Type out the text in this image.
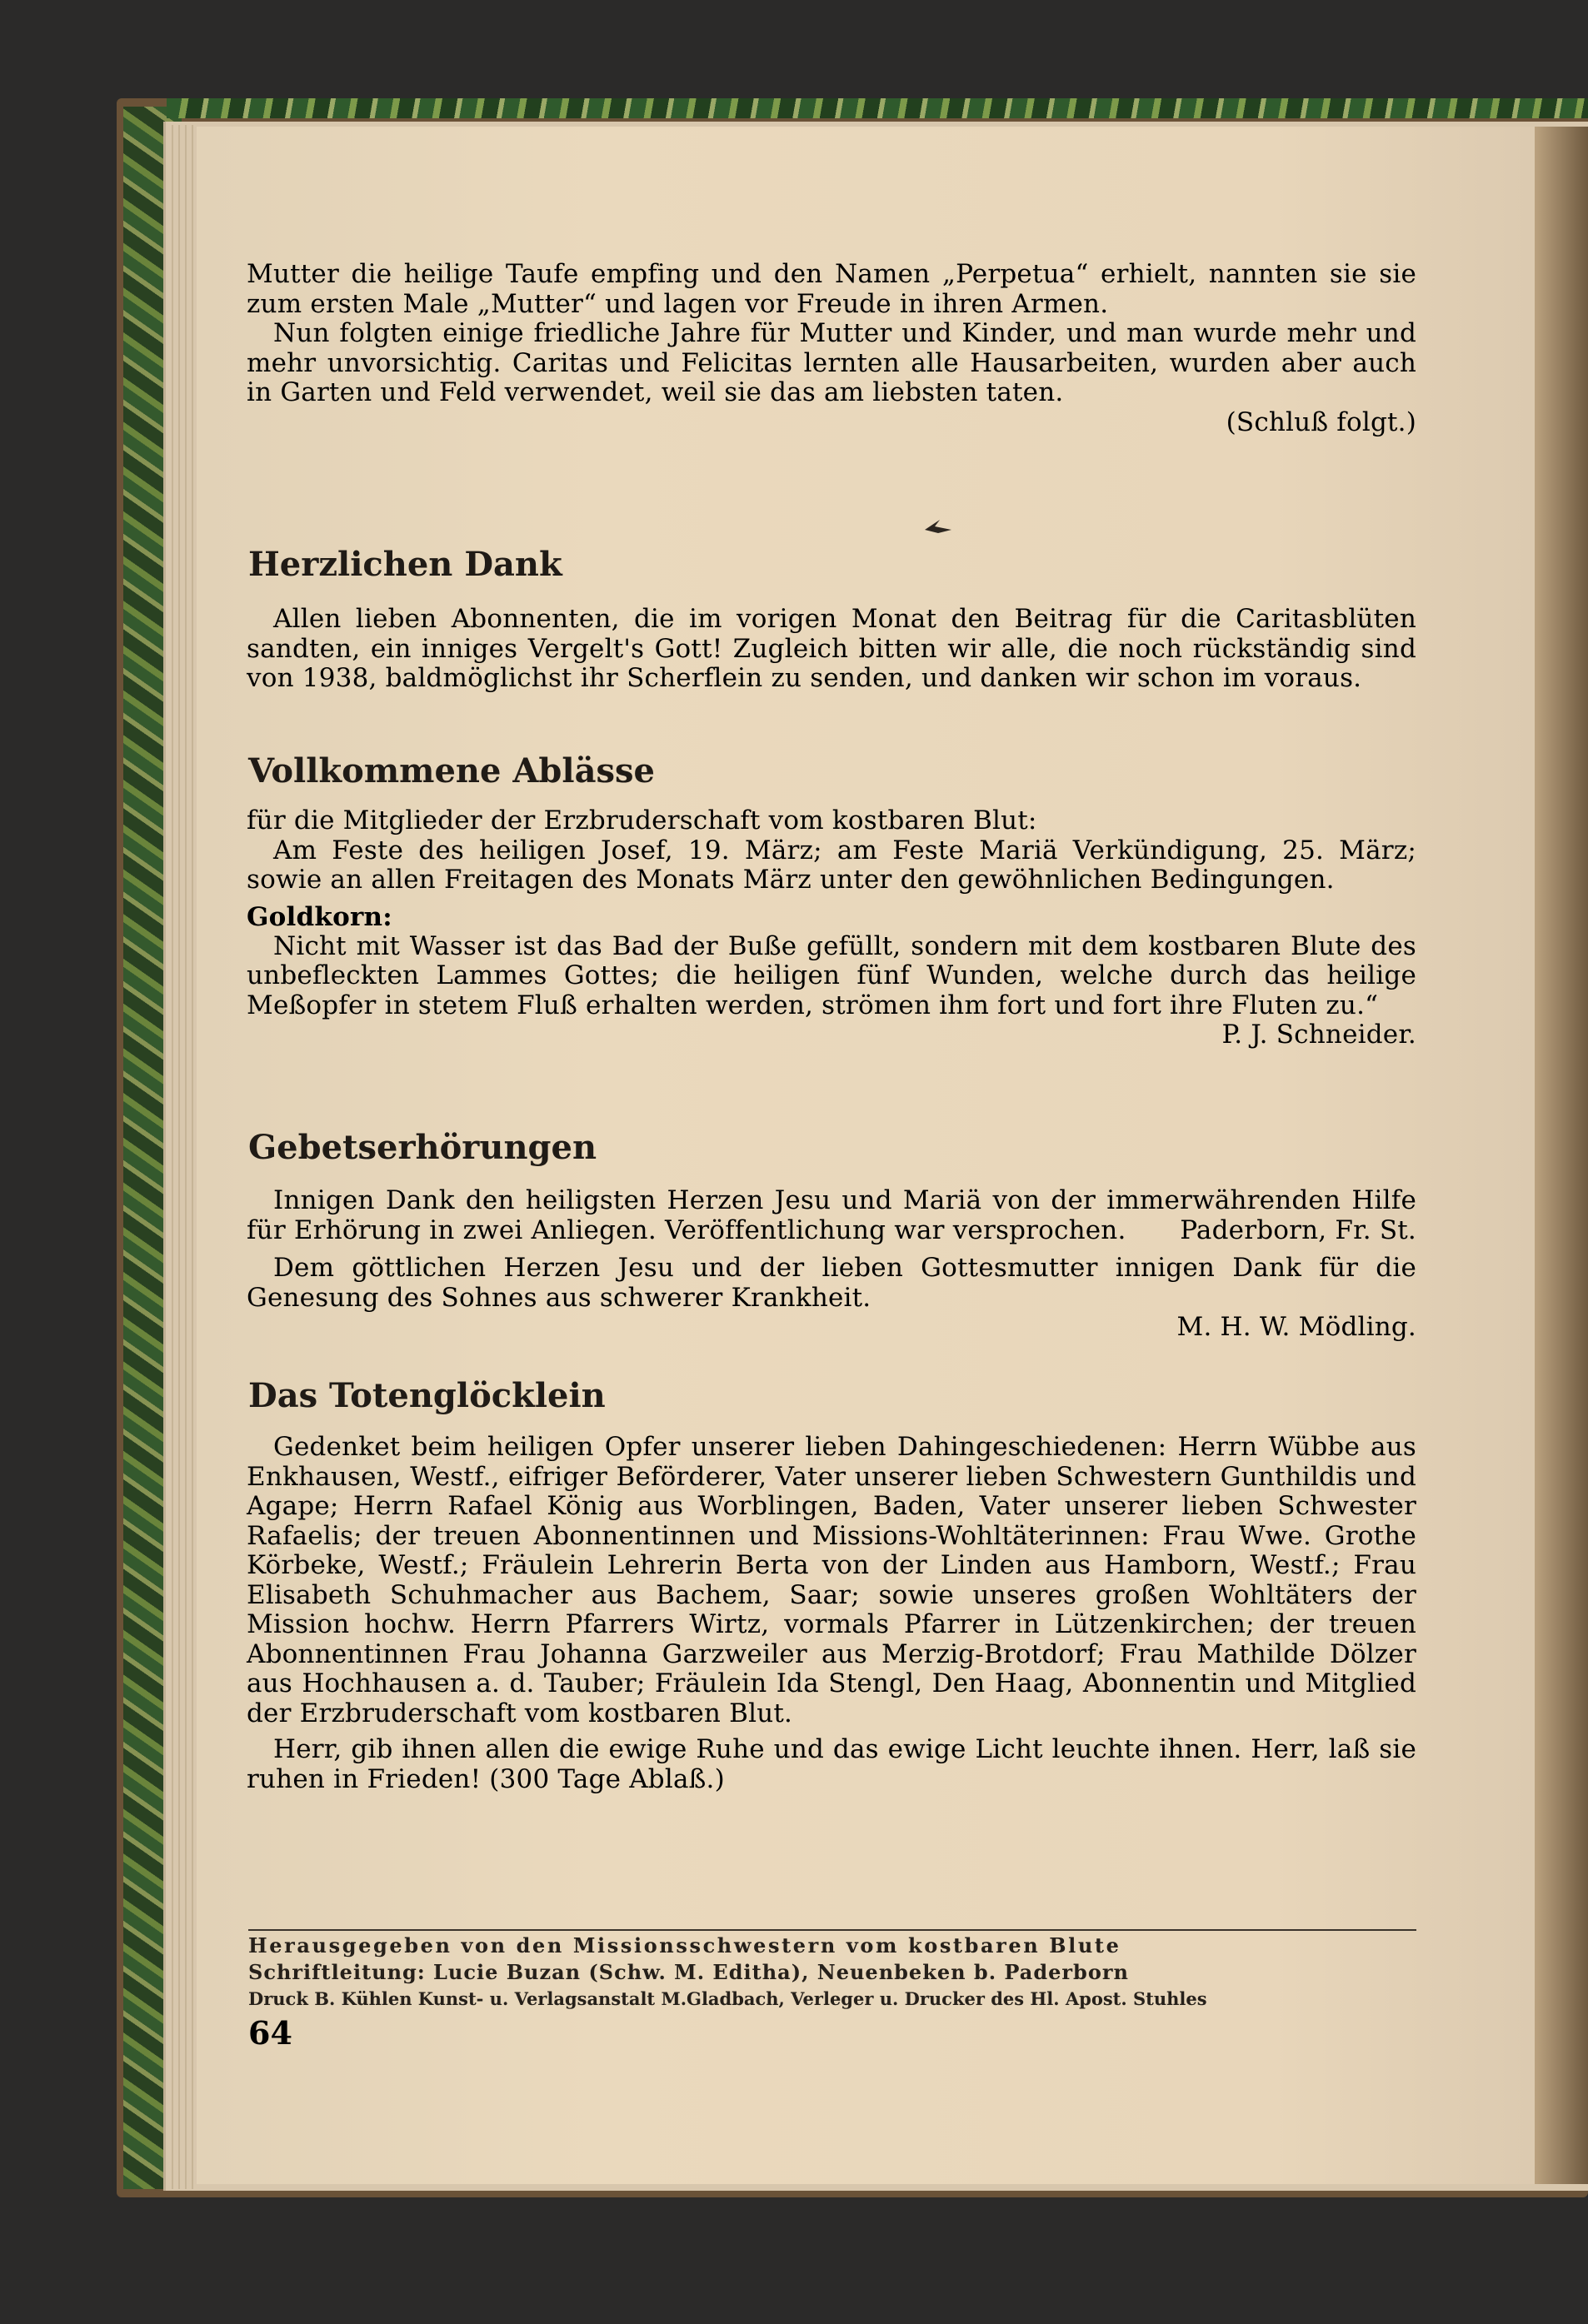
Mutter die heilige Taufe empfing und den Namen „Perpetua“ erhielt, nannten sie sie zum ersten Male „Mutter“ und lagen vor Freude in ihren Armen.

Nun folgten einige friedliche Jahre für Mutter und Kinder, und man wurde mehr und mehr unvorsichtig. Caritas und Felicitas lernten alle Hausarbeiten, wurden aber auch in Garten und Feld verwendet, weil sie das am liebsten taten.

(Schluß folgt.)

Herzlichen Dank

Allen lieben Abonnenten, die im vorigen Monat den Beitrag für die Caritasblüten sandten, ein inniges Vergelt's Gott! Zugleich bitten wir alle, die noch rückständig sind von 1938, baldmöglichst ihr Scherflein zu senden, und danken wir schon im voraus.

Vollkommene Ablässe

für die Mitglieder der Erzbruderschaft vom kostbaren Blut:

Am Feste des heiligen Josef, 19. März; am Feste Mariä Verkündigung, 25. März; sowie an allen Freitagen des Monats März unter den gewöhnlichen Bedingungen.

Goldkorn:

Nicht mit Wasser ist das Bad der Buße gefüllt, sondern mit dem kostbaren Blute des unbefleckten Lammes Gottes; die heiligen fünf Wunden, welche durch das heilige Meßopfer in stetem Fluß erhalten werden, strömen ihm fort und fort ihre Fluten zu.“
P. J. Schneider.

Gebetserhörungen

Innigen Dank den heiligsten Herzen Jesu und Mariä von der immerwährenden Hilfe für Erhörung in zwei Anliegen. Veröffentlichung war versprochen.	Paderborn, Fr. St.

Dem göttlichen Herzen Jesu und der lieben Gottesmutter innigen Dank für die Genesung des Sohnes aus schwerer Krankheit.

M. H. W. Mödling.

Das Totenglöcklein

Gedenket beim heiligen Opfer unserer lieben Dahingeschiedenen: Herrn Wübbe aus Enkhausen, Westf., eifriger Beförderer, Vater unserer lieben Schwestern Gunthildis und Agape; Herrn Rafael König aus Worblingen, Baden, Vater unserer lieben Schwester Rafaelis; der treuen Abonnentinnen und Missions-Wohltäterinnen: Frau Wwe. Grothe Körbeke, Westf.; Fräulein Lehrerin Berta von der Linden aus Hamborn, Westf.; Frau Elisabeth Schuhmacher aus Bachem, Saar; sowie unseres großen Wohltäters der Mission hochw. Herrn Pfarrers Wirtz, vormals Pfarrer in Lützenkirchen; der treuen Abonnentinnen Frau Johanna Garzweiler aus Merzig-Brotdorf; Frau Mathilde Dölzer aus Hochhausen a. d. Tauber; Fräulein Ida Stengl, Den Haag, Abonnentin und Mitglied der Erzbruderschaft vom kostbaren Blut.

Herr, gib ihnen allen die ewige Ruhe und das ewige Licht leuchte ihnen. Herr, laß sie ruhen in Frieden! (300 Tage Ablaß.)

Herausgegeben von den Missionsschwestern vom kostbaren Blute
Schriftleitung: Lucie Buzan (Schw. M. Editha), Neuenbeken b. Paderborn
Druck B. Kühlen Kunst- u. Verlagsanstalt M.Gladbach, Verleger u. Drucker des Hl. Apost. Stuhles
64
